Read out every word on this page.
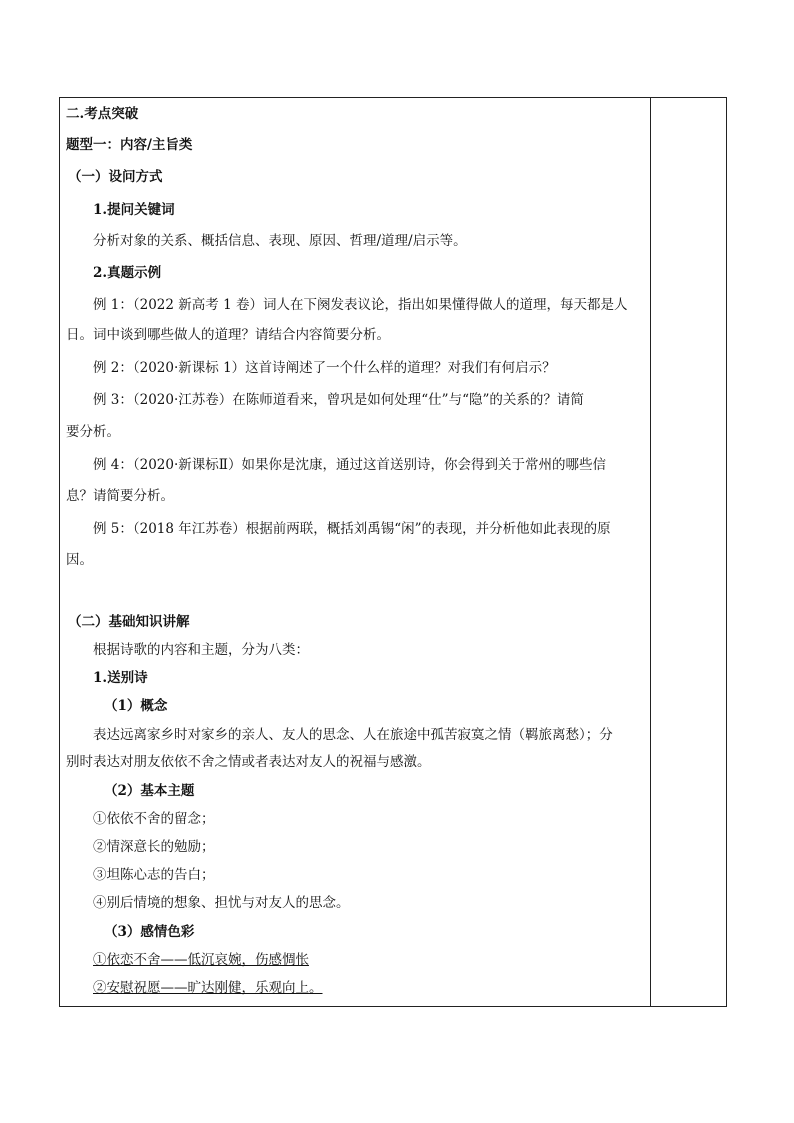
二.考点突破
题型一：内容/主旨类
（一）设问方式
1.提问关键词
分析对象的关系、概括信息、表现、原因、哲理/道理/启示等。
2.真题示例
例 1：（2022 新高考 1 卷）词人在下阕发表议论，指出如果懂得做人的道理，每天都是人
日。词中谈到哪些做人的道理？请结合内容简要分析。
例 2：（2020·新课标 1）这首诗阐述了一个什么样的道理？对我们有何启示？
例 3：（2020·江苏卷）在陈师道看来，曾巩是如何处理“仕”与“隐”的关系的？请简
要分析。
例 4：（2020·新课标Ⅱ）如果你是沈康，通过这首送别诗，你会得到关于常州的哪些信
息？请简要分析。
例 5：（2018 年江苏卷）根据前两联，概括刘禹锡“闲”的表现，并分析他如此表现的原
因。
（二）基础知识讲解
根据诗歌的内容和主题，分为八类：
1.送别诗
（1）概念
表达远离家乡时对家乡的亲人、友人的思念、人在旅途中孤苦寂寞之情（羁旅离愁）；分
别时表达对朋友依依不舍之情或者表达对友人的祝福与感激。
（2）基本主题
①依依不舍的留念；
②情深意长的勉励；
③坦陈心志的告白；
④别后情境的想象、担忧与对友人的思念。
（3）感情色彩
①依恋不舍——低沉哀婉，伤感惆怅
②安慰祝愿——旷达刚健，乐观向上。
